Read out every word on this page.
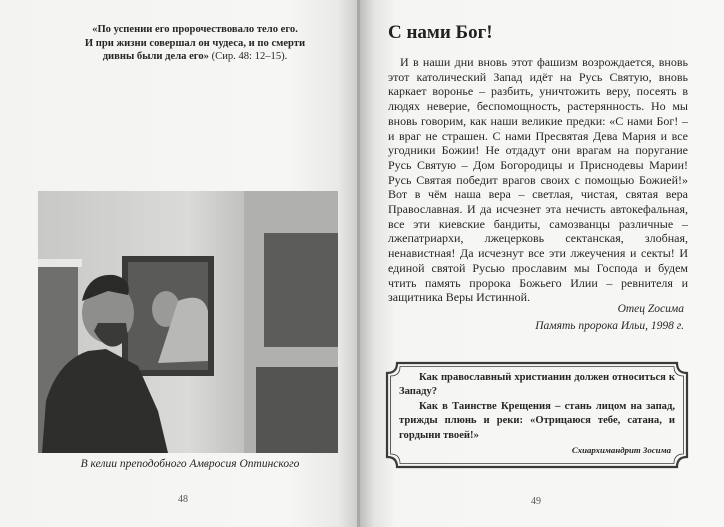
«По успении его пророчествовало тело его.
И при жизни совершал он чудеса, и по смерти
дивны были дела его» (Сир. 48: 12–15).
В келии преподобного Амвросия Оптинского
48
С нами Бог!

И в наши дни вновь этот фашизм возрождается, вновь этот католический Запад идёт на Русь Святую, вновь каркает воронье – разбить, уничтожить веру, посеять в людях неверие, беспомощность, растерянность. Но мы вновь говорим, как наши великие предки: «С нами Бог! – и враг не страшен. С нами Пресвятая Дева Мария и все угодники Божии! Не отдадут они врагам на поругание Русь Святую – Дом Богородицы и Приснодевы Марии! Русь Святая победит врагов своих с помощью Божией!» Вот в чём наша вера – светлая, чистая, святая вера Православная. И да исчезнет эта нечисть автокефальная, все эти киевские бандиты, самозванцы различные – лжепатриархи, лжецерковь сектанская, злобная, ненавистная! Да исчезнут все эти лжеучения и секты! И единой святой Русью прославим мы Господа и будем чтить память пророка Божьего Илии – ревнителя и защитника Веры Истинной.

Отец Zосима
Память пророка Ильи, 1998 г.

Как православный христианин должен относиться к Западу?

Как в Таинстве Крещения – стань лицом на запад, трижды плюнь и реки: «Отрицаюся тебе, сатана, и гордыни твоей!»

Схиархимандрит Зосима
49
